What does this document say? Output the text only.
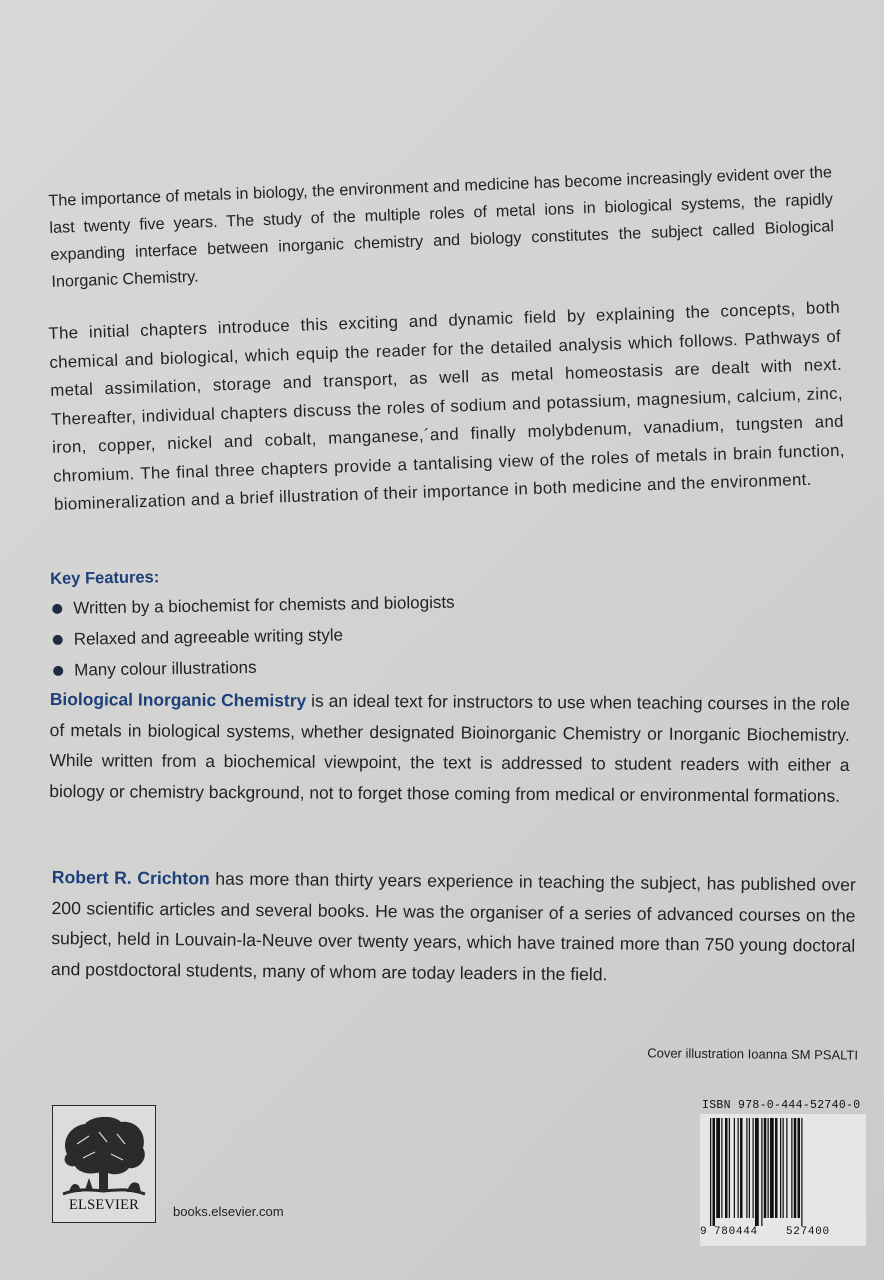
The importance of metals in biology, the environment and medicine has become increasingly evident over the last twenty five years. The study of the multiple roles of metal ions in biological systems, the rapidly expanding interface between inorganic chemistry and biology constitutes the subject called Biological Inorganic Chemistry.

The initial chapters introduce this exciting and dynamic field by explaining the concepts, both chemical and biological, which equip the reader for the detailed analysis which follows. Pathways of metal assimilation, storage and transport, as well as metal homeostasis are dealt with next. Thereafter, individual chapters discuss the roles of sodium and potassium, magnesium, calcium, zinc, iron, copper, nickel and cobalt, manganese,´and finally molybdenum, vanadium, tungsten and chromium. The final three chapters provide a tantalising view of the roles of metals in brain function, biomineralization and a brief illustration of their importance in both medicine and the environment.

Key Features:
Written by a biochemist for chemists and biologists
Relaxed and agreeable writing style
Many colour illustrations

Biological Inorganic Chemistry is an ideal text for instructors to use when teaching courses in the role of metals in biological systems, whether designated Bioinorganic Chemistry or Inorganic Biochemistry. While written from a biochemical viewpoint, the text is addressed to student readers with either a biology or chemistry background, not to forget those coming from medical or environmental formations.

Robert R. Crichton has more than thirty years experience in teaching the subject, has published over 200 scientific articles and several books. He was the organiser of a series of advanced courses on the subject, held in Louvain-la-Neuve over twenty years, which have trained more than 750 young doctoral and postdoctoral students, many of whom are today leaders in the field.

Cover illustration Ioanna SM PSALTI
ELSEVIER	books.elsevier.com
ISBN 978-0-444-52740-0
9 780444	527400
